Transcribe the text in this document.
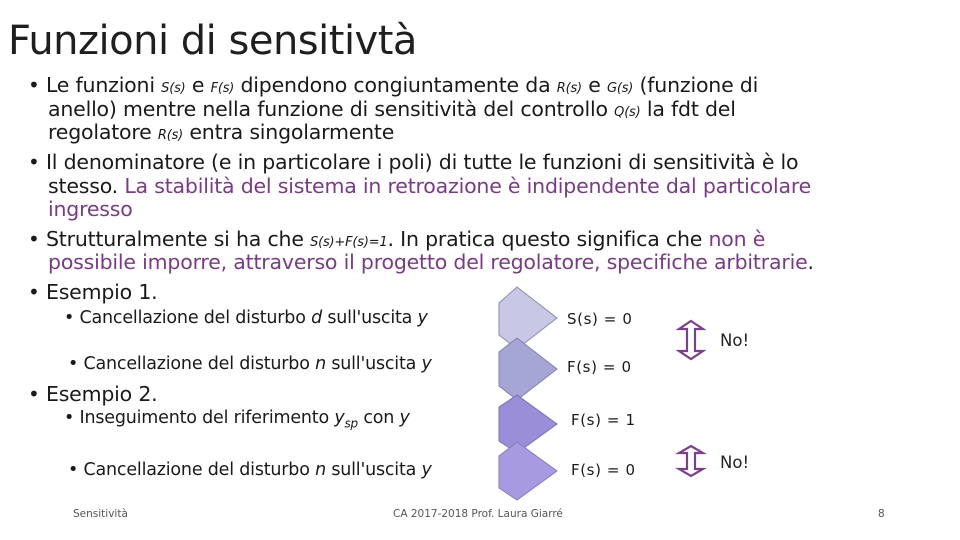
Funzioni di sensitivtà
• Le funzioni S(s) e F(s) dipendono congiuntamente da R(s) e G(s) (funzione di
anello) mentre nella funzione di sensitività del controllo Q(s) la fdt del
regolatore R(s) entra singolarmente
• Il denominatore (e in particolare i poli) di tutte le funzioni di sensitività è lo
stesso. La stabilità del sistema in retroazione è indipendente dal particolare
ingresso
• Strutturalmente si ha che S(s)+F(s)=1. In pratica questo significa che non è
possibile imporre, attraverso il progetto del regolatore, specifiche arbitrarie.
• Esempio 1.
• Cancellazione del disturbo d sull'uscita y
• Cancellazione del disturbo n sull'uscita y
• Esempio 2.
• Inseguimento del riferimento $y_{sp}$ con y
• Cancellazione del disturbo n sull'uscita y
S(s) = 0
F(s) = 0
F(s) = 1
F(s) = 0
No!
No!
Sensitività	CA 2017-2018 Prof. Laura Giarré	8
